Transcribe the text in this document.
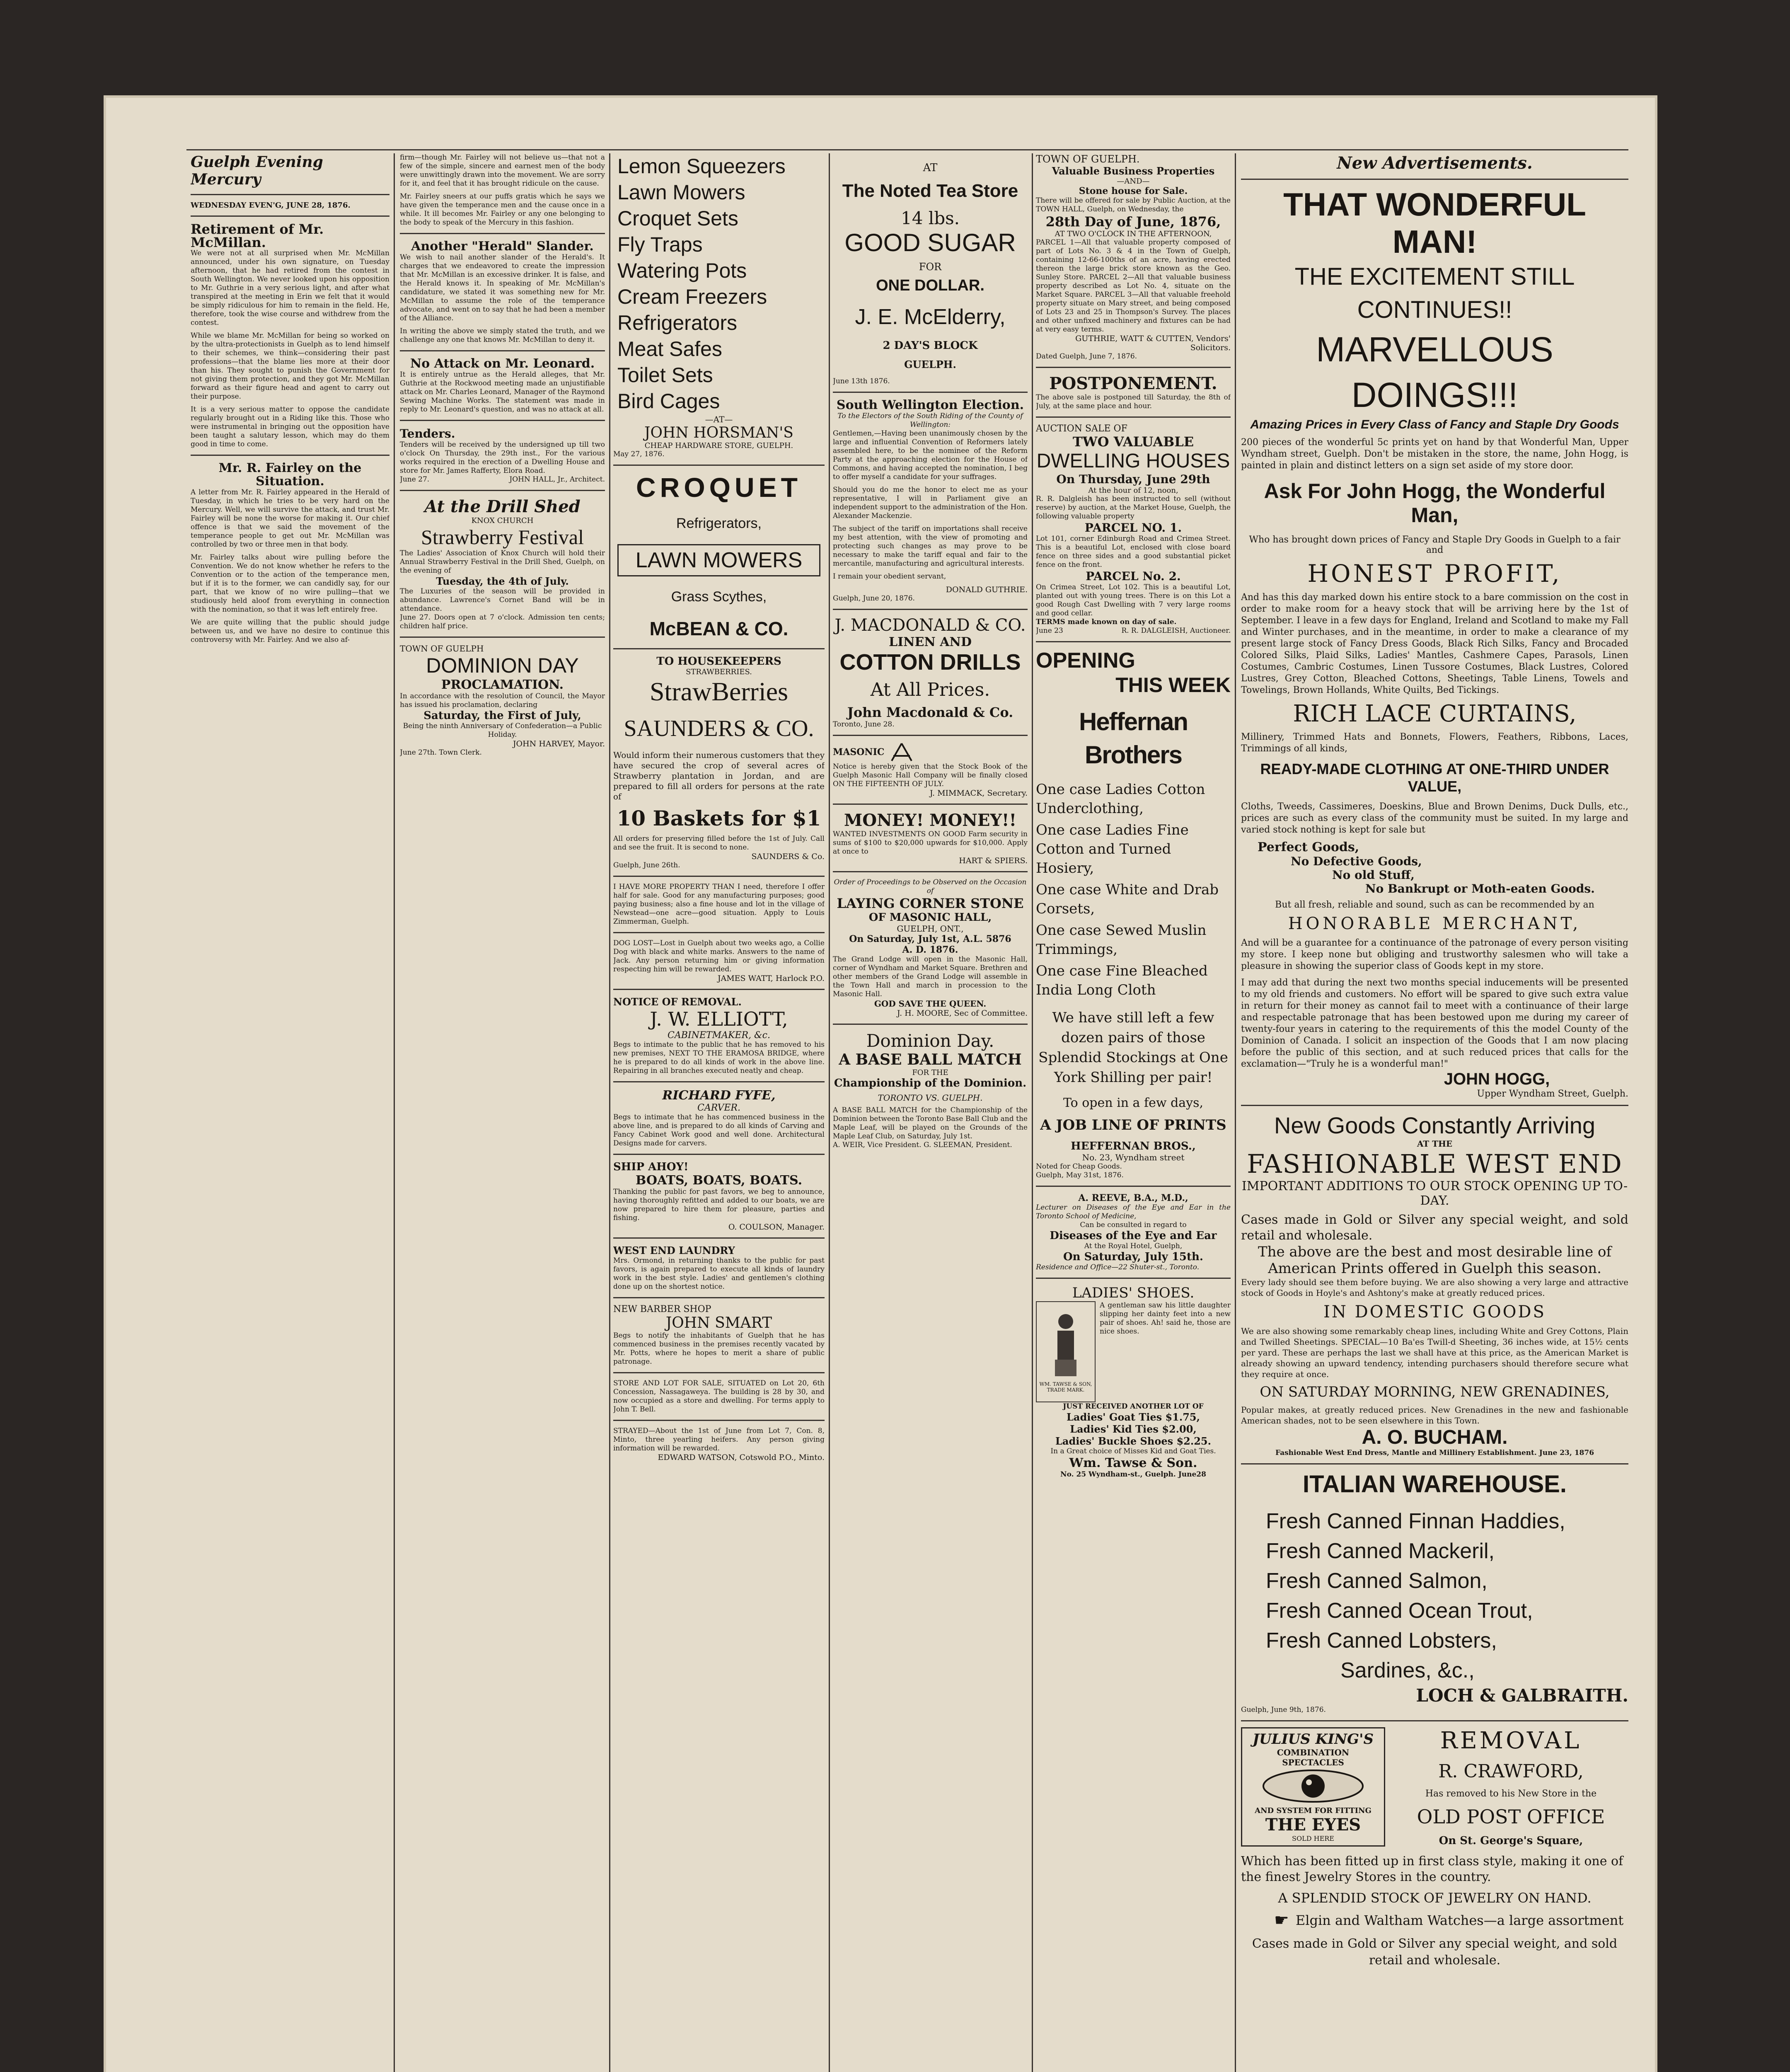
Guelph Evening Mercury
WEDNESDAY EVEN'G, JUNE 28, 1876.
Retirement of Mr. McMillan.

We were not at all surprised when Mr. McMillan announced, under his own signature, on Tuesday afternoon, that he had retired from the contest in South Wellington. We never looked upon his opposition to Mr. Guthrie in a very serious light, and after what transpired at the meeting in Erin we felt that it would be simply ridiculous for him to remain in the field. He, therefore, took the wise course and withdrew from the contest.

While we blame Mr. McMillan for being so worked on by the ultra-protectionists in Guelph as to lend himself to their schemes, we think—considering their past professions—that the blame lies more at their door than his. They sought to punish the Government for not giving them protection, and they got Mr. McMillan forward as their figure head and agent to carry out their purpose.

It is a very serious matter to oppose the candidate regularly brought out in a Riding like this. Those who were instrumental in bringing out the opposition have been taught a salutary lesson, which may do them good in time to come.

Mr. R. Fairley on the Situation.

A letter from Mr. R. Fairley appeared in the Herald of Tuesday, in which he tries to be very hard on the Mercury. Well, we will survive the attack, and trust Mr. Fairley will be none the worse for making it. Our chief offence is that we said the movement of the temperance people to get out Mr. McMillan was controlled by two or three men in that body.

Mr. Fairley talks about wire pulling before the Convention. We do not know whether he refers to the Convention or to the action of the temperance men, but if it is to the former, we can candidly say, for our part, that we know of no wire pulling—that we studiously held aloof from everything in connection with the nomination, so that it was left entirely free.

We are quite willing that the public should judge between us, and we have no desire to continue this controversy with Mr. Fairley. And we also af-

firm—though Mr. Fairley will not believe us—that not a few of the simple, sincere and earnest men of the body were unwittingly drawn into the movement. We are sorry for it, and feel that it has brought ridicule on the cause.

Mr. Fairley sneers at our puffs gratis which he says we have given the temperance men and the cause once in a while. It ill becomes Mr. Fairley or any one belonging to the body to speak of the Mercury in this fashion.

Another "Herald" Slander.

We wish to nail another slander of the Herald's. It charges that we endeavored to create the impression that Mr. McMillan is an excessive drinker. It is false, and the Herald knows it. In speaking of Mr. McMillan's candidature, we stated it was something new for Mr. McMillan to assume the role of the temperance advocate, and went on to say that he had been a member of the Alliance.

In writing the above we simply stated the truth, and we challenge any one that knows Mr. McMillan to deny it.

No Attack on Mr. Leonard.

It is entirely untrue as the Herald alleges, that Mr. Guthrie at the Rockwood meeting made an unjustifiable attack on Mr. Charles Leonard, Manager of the Raymond Sewing Machine Works. The statement was made in reply to Mr. Leonard's question, and was no attack at all.

Tenders.
Tenders will be received by the undersigned up till two o'clock On Thursday, the 29th inst., For the various works required in the erection of a Dwelling House and store for Mr. James Rafferty, Elora Road.
June 27.	JOHN HALL, Jr., Architect.
At the Drill Shed
KNOX CHURCH
Strawberry Festival
The Ladies' Association of Knox Church will hold their Annual Strawberry Festival in the Drill Shed, Guelph, on the evening of
Tuesday, the 4th of July.
The Luxuries of the season will be provided in abundance. Lawrence's Cornet Band will be in attendance.
June 27. Doors open at 7 o'clock. Admission ten cents; children half price.
TOWN OF GUELPH
DOMINION DAY
PROCLAMATION.
In accordance with the resolution of Council, the Mayor has issued his proclamation, declaring
Saturday, the First of July,
Being the ninth Anniversary of Confederation—a Public Holiday.
JOHN HARVEY, Mayor.
June 27th. Town Clerk.
Lemon Squeezers
Lawn Mowers
Croquet Sets
Fly Traps
Watering Pots
Cream Freezers
Refrigerators
Meat Safes
Toilet Sets
Bird Cages
—AT—
JOHN HORSMAN'S
CHEAP HARDWARE STORE, GUELPH.
May 27, 1876.
CROQUET
Refrigerators,
LAWN MOWERS
Grass Scythes,
McBEAN & CO.
TO HOUSEKEEPERS
STRAWBERRIES.
StrawBerries
SAUNDERS & CO.
Would inform their numerous customers that they have secured the crop of several acres of Strawberry plantation in Jordan, and are prepared to fill all orders for persons at the rate of
10 Baskets for $1
All orders for preserving filled before the 1st of July. Call and see the fruit. It is second to none.
SAUNDERS & Co.
Guelph, June 26th.
I HAVE MORE PROPERTY THAN I need, therefore I offer half for sale. Good for any manufacturing purposes; good paying business; also a fine house and lot in the village of Newstead—one acre—good situation. Apply to Louis Zimmerman, Guelph.
DOG LOST—Lost in Guelph about two weeks ago, a Collie Dog with black and white marks. Answers to the name of Jack. Any person returning him or giving information respecting him will be rewarded.
JAMES WATT, Harlock P.O.
NOTICE OF REMOVAL.
J. W. ELLIOTT,
CABINETMAKER, &c.
Begs to intimate to the public that he has removed to his new premises, NEXT TO THE ERAMOSA BRIDGE, where he is prepared to do all kinds of work in the above line. Repairing in all branches executed neatly and cheap.
RICHARD FYFE,
CARVER.
Begs to intimate that he has commenced business in the above line, and is prepared to do all kinds of Carving and Fancy Cabinet Work good and well done. Architectural Designs made for carvers.
SHIP AHOY!
BOATS, BOATS, BOATS.
Thanking the public for past favors, we beg to announce, having thoroughly refitted and added to our boats, we are now prepared to hire them for pleasure, parties and fishing.
O. COULSON, Manager.
WEST END LAUNDRY
Mrs. Ormond, in returning thanks to the public for past favors, is again prepared to execute all kinds of laundry work in the best style. Ladies' and gentlemen's clothing done up on the shortest notice.
NEW BARBER SHOP
JOHN SMART
Begs to notify the inhabitants of Guelph that he has commenced business in the premises recently vacated by Mr. Potts, where he hopes to merit a share of public patronage.
STORE AND LOT FOR SALE, SITUATED on Lot 20, 6th Concession, Nassagaweya. The building is 28 by 30, and now occupied as a store and dwelling. For terms apply to John T. Bell.
STRAYED—About the 1st of June from Lot 7, Con. 8, Minto, three yearling heifers. Any person giving information will be rewarded.
EDWARD WATSON, Cotswold P.O., Minto.
AT
The Noted Tea Store
14 lbs.
GOOD SUGAR
FOR
ONE DOLLAR.
J. E. McElderry,
2 DAY'S BLOCK
GUELPH.
June 13th 1876.
South Wellington Election.
To the Electors of the South Riding of the County of Wellington:

Gentlemen,—Having been unanimously chosen by the large and influential Convention of Reformers lately assembled here, to be the nominee of the Reform Party at the approaching election for the House of Commons, and having accepted the nomination, I beg to offer myself a candidate for your suffrages.

Should you do me the honor to elect me as your representative, I will in Parliament give an independent support to the administration of the Hon. Alexander Mackenzie.

The subject of the tariff on importations shall receive my best attention, with the view of promoting and protecting such changes as may prove to be necessary to make the tariff equal and fair to the mercantile, manufacturing and agricultural interests.

I remain your obedient servant,

DONALD GUTHRIE.
Guelph, June 20, 1876.
J. MACDONALD & CO.
LINEN AND
COTTON DRILLS
At All Prices.
John Macdonald & Co.
Toronto, June 28.
MASONIC
Notice is hereby given that the Stock Book of the Guelph Masonic Hall Company will be finally closed ON THE FIFTEENTH OF JULY.
J. MIMMACK, Secretary.
MONEY! MONEY!!
WANTED INVESTMENTS ON GOOD Farm security in sums of $100 to $20,000 upwards for $10,000. Apply at once to
HART & SPIERS.
Order of Proceedings to be Observed on the Occasion of
LAYING CORNER STONE
OF MASONIC HALL,
GUELPH, ONT.,
On Saturday, July 1st, A.L. 5876
A. D. 1876.
The Grand Lodge will open in the Masonic Hall, corner of Wyndham and Market Square. Brethren and other members of the Grand Lodge will assemble in the Town Hall and march in procession to the Masonic Hall.
GOD SAVE THE QUEEN.
J. H. MOORE, Sec of Committee.
Dominion Day.
A BASE BALL MATCH
FOR THE
Championship of the Dominion.
TORONTO VS. GUELPH.
A BASE BALL MATCH for the Championship of the Dominion between the Toronto Base Ball Club and the Maple Leaf, will be played on the Grounds of the Maple Leaf Club, on Saturday, July 1st.
A. WEIR, Vice President. G. SLEEMAN, President.
TOWN OF GUELPH.
Valuable Business Properties
—AND—
Stone house for Sale.
There will be offered for sale by Public Auction, at the TOWN HALL, Guelph, on Wednesday, the
28th Day of June, 1876,
AT TWO O'CLOCK IN THE AFTERNOON,
PARCEL 1—All that valuable property composed of part of Lots No. 3 & 4 in the Town of Guelph, containing 12-66-100ths of an acre, having erected thereon the large brick store known as the Geo. Sunley Store. PARCEL 2—All that valuable business property described as Lot No. 4, situate on the Market Square. PARCEL 3—All that valuable freehold property situate on Mary street, and being composed of Lots 23 and 25 in Thompson's Survey. The places and other unfixed machinery and fixtures can be had at very easy terms.
GUTHRIE, WATT & CUTTEN, Vendors' Solicitors.
Dated Guelph, June 7, 1876.
POSTPONEMENT.
The above sale is postponed till Saturday, the 8th of July, at the same place and hour.
AUCTION SALE OF
TWO VALUABLE
DWELLING HOUSES
On Thursday, June 29th
At the hour of 12, noon,
R. R. Dalgleish has been instructed to sell (without reserve) by auction, at the Market House, Guelph, the following valuable property
PARCEL NO. 1.
Lot 101, corner Edinburgh Road and Crimea Street. This is a beautiful Lot, enclosed with close board fence on three sides and a good substantial picket fence on the front.
PARCEL No. 2.
On Crimea Street, Lot 102. This is a beautiful Lot, planted out with young trees. There is on this Lot a good Rough Cast Dwelling with 7 very large rooms and good cellar.
TERMS made known on day of sale.
June 23	R. R. DALGLEISH, Auctioneer.
OPENING
THIS WEEK
Heffernan Brothers
One case Ladies Cotton Underclothing,
One case Ladies Fine Cotton and Turned Hosiery,
One case White and Drab Corsets,
One case Sewed Muslin Trimmings,
One case Fine Bleached India Long Cloth
We have still left a few dozen pairs of those Splendid Stockings at One York Shilling per pair!
To open in a few days,
A JOB LINE OF PRINTS
HEFFERNAN BROS.,
No. 23, Wyndham street
Noted for Cheap Goods.
Guelph, May 31st, 1876.
A. REEVE, B.A., M.D.,
Lecturer on Diseases of the Eye and Ear in the Toronto School of Medicine,
Can be consulted in regard to
Diseases of the Eye and Ear
At the Royal Hotel, Guelph,
On Saturday, July 15th.
Residence and Office—22 Shuter-st., Toronto.
LADIES' SHOES.
WM. TAWSE & SON, TRADE MARK.
A gentleman saw his little daughter slipping her dainty feet into a new pair of shoes. Ah! said he, those are nice shoes.
JUST RECEIVED ANOTHER LOT OF
Ladies' Goat Ties $1.75,
Ladies' Kid Ties $2.00,
Ladies' Buckle Shoes $2.25.
In a Great choice of Misses Kid and Goat Ties.
Wm. Tawse & Son.
No. 25 Wyndham-st., Guelph. June28
New Advertisements.
THAT WONDERFUL MAN!
THE EXCITEMENT STILL CONTINUES!!
MARVELLOUS DOINGS!!!
Amazing Prices in Every Class of Fancy and Staple Dry Goods
200 pieces of the wonderful 5c prints yet on hand by that Wonderful Man, Upper Wyndham street, Guelph. Don't be mistaken in the store, the name, John Hogg, is painted in plain and distinct letters on a sign set aside of my store door.
Ask For John Hogg, the Wonderful Man,
Who has brought down prices of Fancy and Staple Dry Goods in Guelph to a fair and
HONEST PROFIT,
And has this day marked down his entire stock to a bare commission on the cost in order to make room for a heavy stock that will be arriving here by the 1st of September. I leave in a few days for England, Ireland and Scotland to make my Fall and Winter purchases, and in the meantime, in order to make a clearance of my present large stock of Fancy Dress Goods, Black Rich Silks, Fancy and Brocaded Colored Silks, Plaid Silks, Ladies' Mantles, Cashmere Capes, Parasols, Linen Costumes, Cambric Costumes, Linen Tussore Costumes, Black Lustres, Colored Lustres, Grey Cotton, Bleached Cottons, Sheetings, Table Linens, Towels and Towelings, Brown Hollands, White Quilts, Bed Tickings.
RICH LACE CURTAINS,
Millinery, Trimmed Hats and Bonnets, Flowers, Feathers, Ribbons, Laces, Trimmings of all kinds,
READY-MADE CLOTHING AT ONE-THIRD UNDER VALUE,
Cloths, Tweeds, Cassimeres, Doeskins, Blue and Brown Denims, Duck Dulls, etc., prices are such as every class of the community must be suited. In my large and varied stock nothing is kept for sale but
Perfect Goods,
No Defective Goods,
No old Stuff,
No Bankrupt or Moth-eaten Goods.
But all fresh, reliable and sound, such as can be recommended by an
HONORABLE MERCHANT,
And will be a guarantee for a continuance of the patronage of every person visiting my store. I keep none but obliging and trustworthy salesmen who will take a pleasure in showing the superior class of Goods kept in my store.
I may add that during the next two months special inducements will be presented to my old friends and customers. No effort will be spared to give such extra value in return for their money as cannot fail to meet with a continuance of their large and respectable patronage that has been bestowed upon me during my career of twenty-four years in catering to the requirements of this the model County of the Dominion of Canada. I solicit an inspection of the Goods that I am now placing before the public of this section, and at such reduced prices that calls for the exclamation—"Truly he is a wonderful man!"
JOHN HOGG,
Upper Wyndham Street, Guelph.
New Goods Constantly Arriving
AT THE
FASHIONABLE WEST END
IMPORTANT ADDITIONS TO OUR STOCK OPENING UP TO-DAY.
Cases made in Gold or Silver any special weight, and sold retail and wholesale.
The above are the best and most desirable line of American Prints offered in Guelph this season.
Every lady should see them before buying. We are also showing a very large and attractive stock of Goods in Hoyle's and Ashtony's make at greatly reduced prices.
IN DOMESTIC GOODS
We are also showing some remarkably cheap lines, including White and Grey Cottons, Plain and Twilled Sheetings. SPECIAL—10 Ba'es Twill-d Sheeting, 36 inches wide, at 15½ cents per yard. These are perhaps the last we shall have at this price, as the American Market is already showing an upward tendency, intending purchasers should therefore secure what they require at once.
ON SATURDAY MORNING, NEW GRENADINES,
Popular makes, at greatly reduced prices. New Grenadines in the new and fashionable American shades, not to be seen elsewhere in this Town.
A. O. BUCHAM.
Fashionable West End Dress, Mantle and Millinery Establishment. June 23, 1876
ITALIAN WAREHOUSE.
Fresh Canned Finnan Haddies,
Fresh Canned Mackeril,
Fresh Canned Salmon,
Fresh Canned Ocean Trout,
Fresh Canned Lobsters,
Sardines, &c.,
LOCH & GALBRAITH.
Guelph, June 9th, 1876.
JULIUS KING'S
COMBINATION SPECTACLES
AND SYSTEM FOR FITTING
THE EYES
SOLD HERE
REMOVAL
R. CRAWFORD,
Has removed to his New Store in the
OLD POST OFFICE
On St. George's Square,
Which has been fitted up in first class style, making it one of the finest Jewelry Stores in the country.
A SPLENDID STOCK OF JEWELRY ON HAND.
☛ Elgin and Waltham Watches—a large assortment
Cases made in Gold or Silver any special weight, and sold retail and wholesale.
